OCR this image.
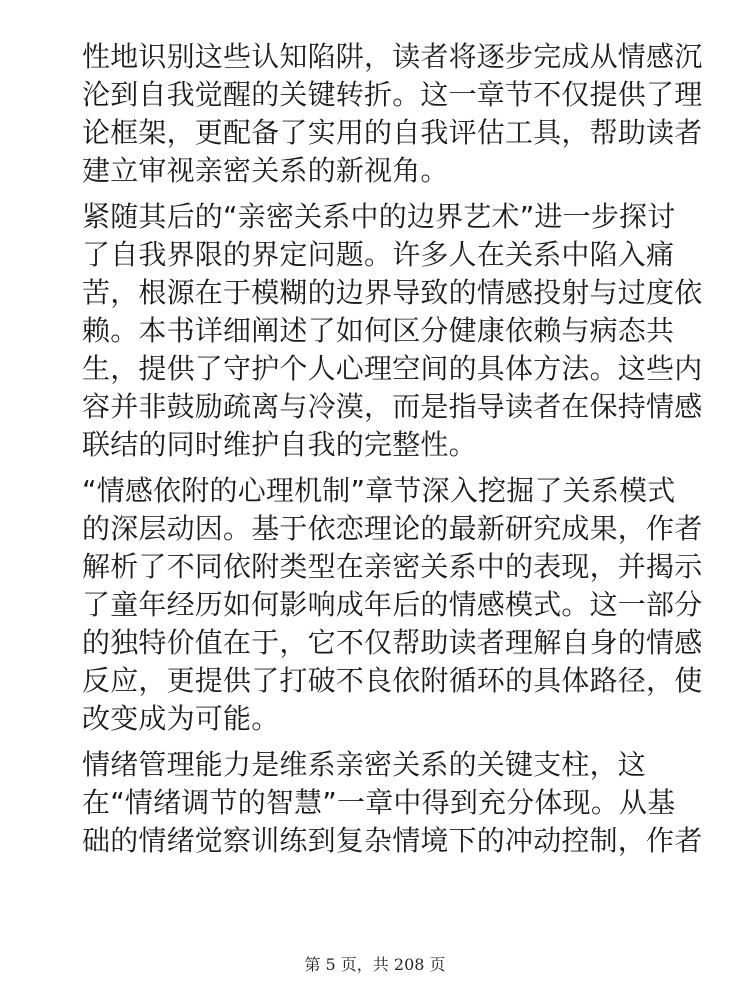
性地识别这些认知陷阱，读者将逐步完成从情感沉
沦到自我觉醒的关键转折。这一章节不仅提供了理
论框架，更配备了实用的自我评估工具，帮助读者
建立审视亲密关系的新视角。
紧随其后的“亲密关系中的边界艺术”进一步探讨
了自我界限的界定问题。许多人在关系中陷入痛
苦，根源在于模糊的边界导致的情感投射与过度依
赖。本书详细阐述了如何区分健康依赖与病态共
生，提供了守护个人心理空间的具体方法。这些内
容并非鼓励疏离与冷漠，而是指导读者在保持情感
联结的同时维护自我的完整性。
“情感依附的心理机制”章节深入挖掘了关系模式
的深层动因。基于依恋理论的最新研究成果，作者
解析了不同依附类型在亲密关系中的表现，并揭示
了童年经历如何影响成年后的情感模式。这一部分
的独特价值在于，它不仅帮助读者理解自身的情感
反应，更提供了打破不良依附循环的具体路径，使
改变成为可能。
情绪管理能力是维系亲密关系的关键支柱，这
在“情绪调节的智慧”一章中得到充分体现。从基
础的情绪觉察训练到复杂情境下的冲动控制，作者
第 5 页，共 208 页
